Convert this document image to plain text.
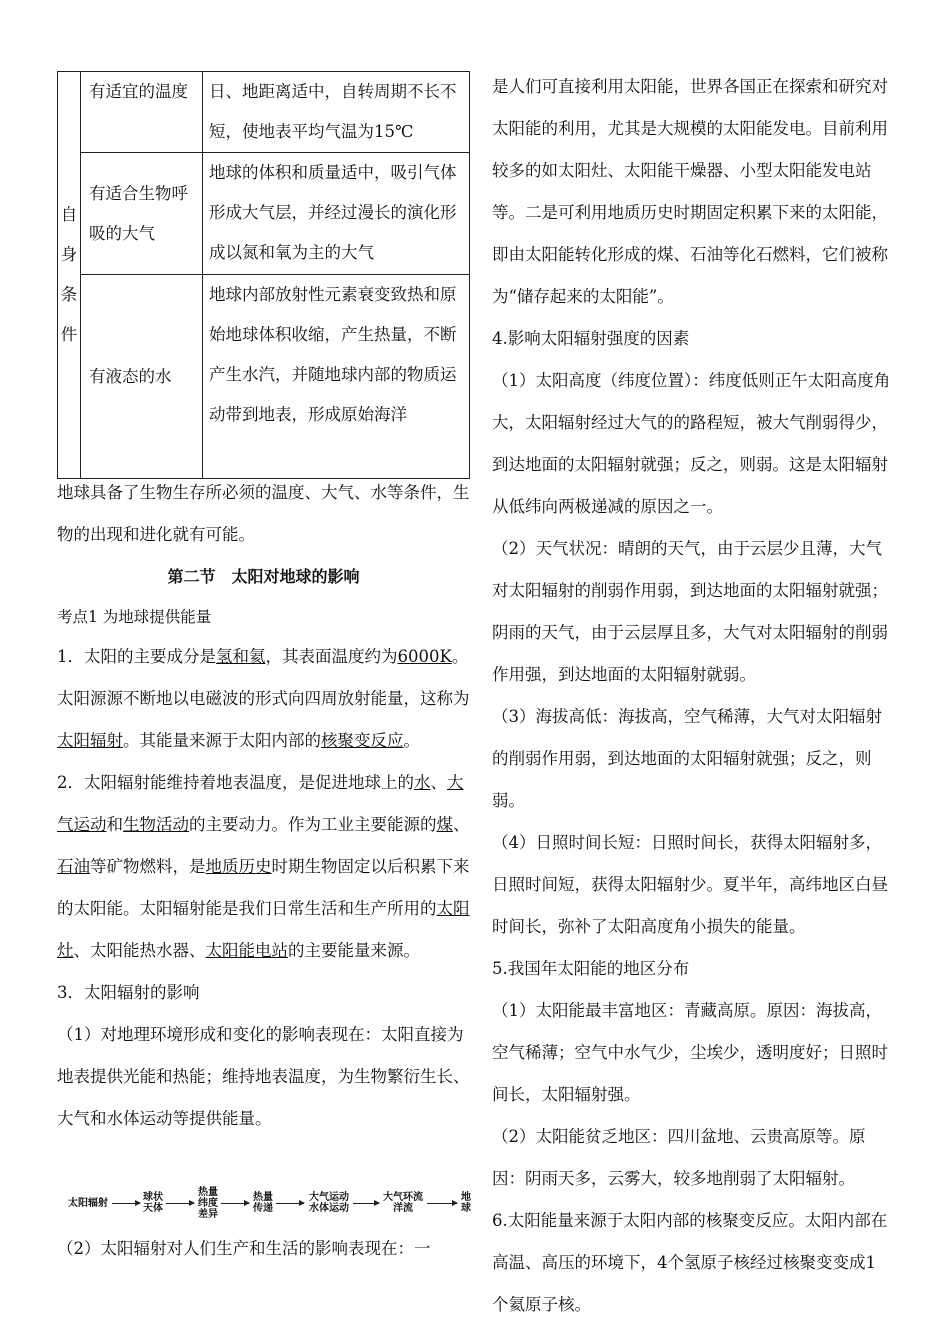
自
身
条
件	有适宜的温度	日、地距离适中，自转周期不长不短，使地表平均气温为15℃
	有适合生物呼吸的大气	地球的体积和质量适中，吸引气体形成大气层，并经过漫长的演化形成以氮和氧为主的大气
	有液态的水	地球内部放射性元素衰变致热和原始地球体积收缩，产生热量，不断产生水汽，并随地球内部的物质运动带到地表，形成原始海洋

地球具备了生物生存所必须的温度、大气、水等条件，生物的出现和进化就有可能。

第二节　太阳对地球的影响

考点1 为地球提供能量

1．太阳的主要成分是氢和氦，其表面温度约为6000K。太阳源源不断地以电磁波的形式向四周放射能量，这称为太阳辐射。其能量来源于太阳内部的核聚变反应。

2．太阳辐射能维持着地表温度，是促进地球上的水、大气运动和生物活动的主要动力。作为工业主要能源的煤、石油等矿物燃料，是地质历史时期生物固定以后积累下来的太阳能。太阳辐射能是我们日常生活和生产所用的太阳灶、太阳能热水器、太阳能电站的主要能量来源。

3．太阳辐射的影响

（1）对地理环境形成和变化的影响表现在：太阳直接为地表提供光能和热能；维持地表温度，为生物繁衍生长、大气和水体运动等提供能量。

太阳辐射
球状天体
热量纬度差异
热量传递
大气运动水体运动
大气环流洋流
地球

（2）太阳辐射对人们生产和生活的影响表现在：一

是人们可直接利用太阳能，世界各国正在探索和研究对太阳能的利用，尤其是大规模的太阳能发电。目前利用较多的如太阳灶、太阳能干燥器、小型太阳能发电站等。二是可利用地质历史时期固定积累下来的太阳能，即由太阳能转化形成的煤、石油等化石燃料，它们被称为“储存起来的太阳能”。

4.影响太阳辐射强度的因素

（1）太阳高度（纬度位置）：纬度低则正午太阳高度角大，太阳辐射经过大气的的路程短，被大气削弱得少，到达地面的太阳辐射就强；反之，则弱。这是太阳辐射从低纬向两极递减的原因之一。

（2）天气状况：晴朗的天气，由于云层少且薄，大气对太阳辐射的削弱作用弱，到达地面的太阳辐射就强；阴雨的天气，由于云层厚且多，大气对太阳辐射的削弱作用强，到达地面的太阳辐射就弱。

（3）海拔高低：海拔高，空气稀薄，大气对太阳辐射的削弱作用弱，到达地面的太阳辐射就强；反之，则弱。

（4）日照时间长短：日照时间长，获得太阳辐射多，日照时间短，获得太阳辐射少。夏半年，高纬地区白昼时间长，弥补了太阳高度角小损失的能量。

5.我国年太阳能的地区分布

（1）太阳能最丰富地区：青藏高原。原因：海拔高，空气稀薄；空气中水气少，尘埃少，透明度好；日照时间长，太阳辐射强。

（2）太阳能贫乏地区：四川盆地、云贵高原等。原因：阴雨天多，云雾大，较多地削弱了太阳辐射。

6.太阳能量来源于太阳内部的核聚变反应。太阳内部在高温、高压的环境下，4个氢原子核经过核聚变变成1个氦原子核。
